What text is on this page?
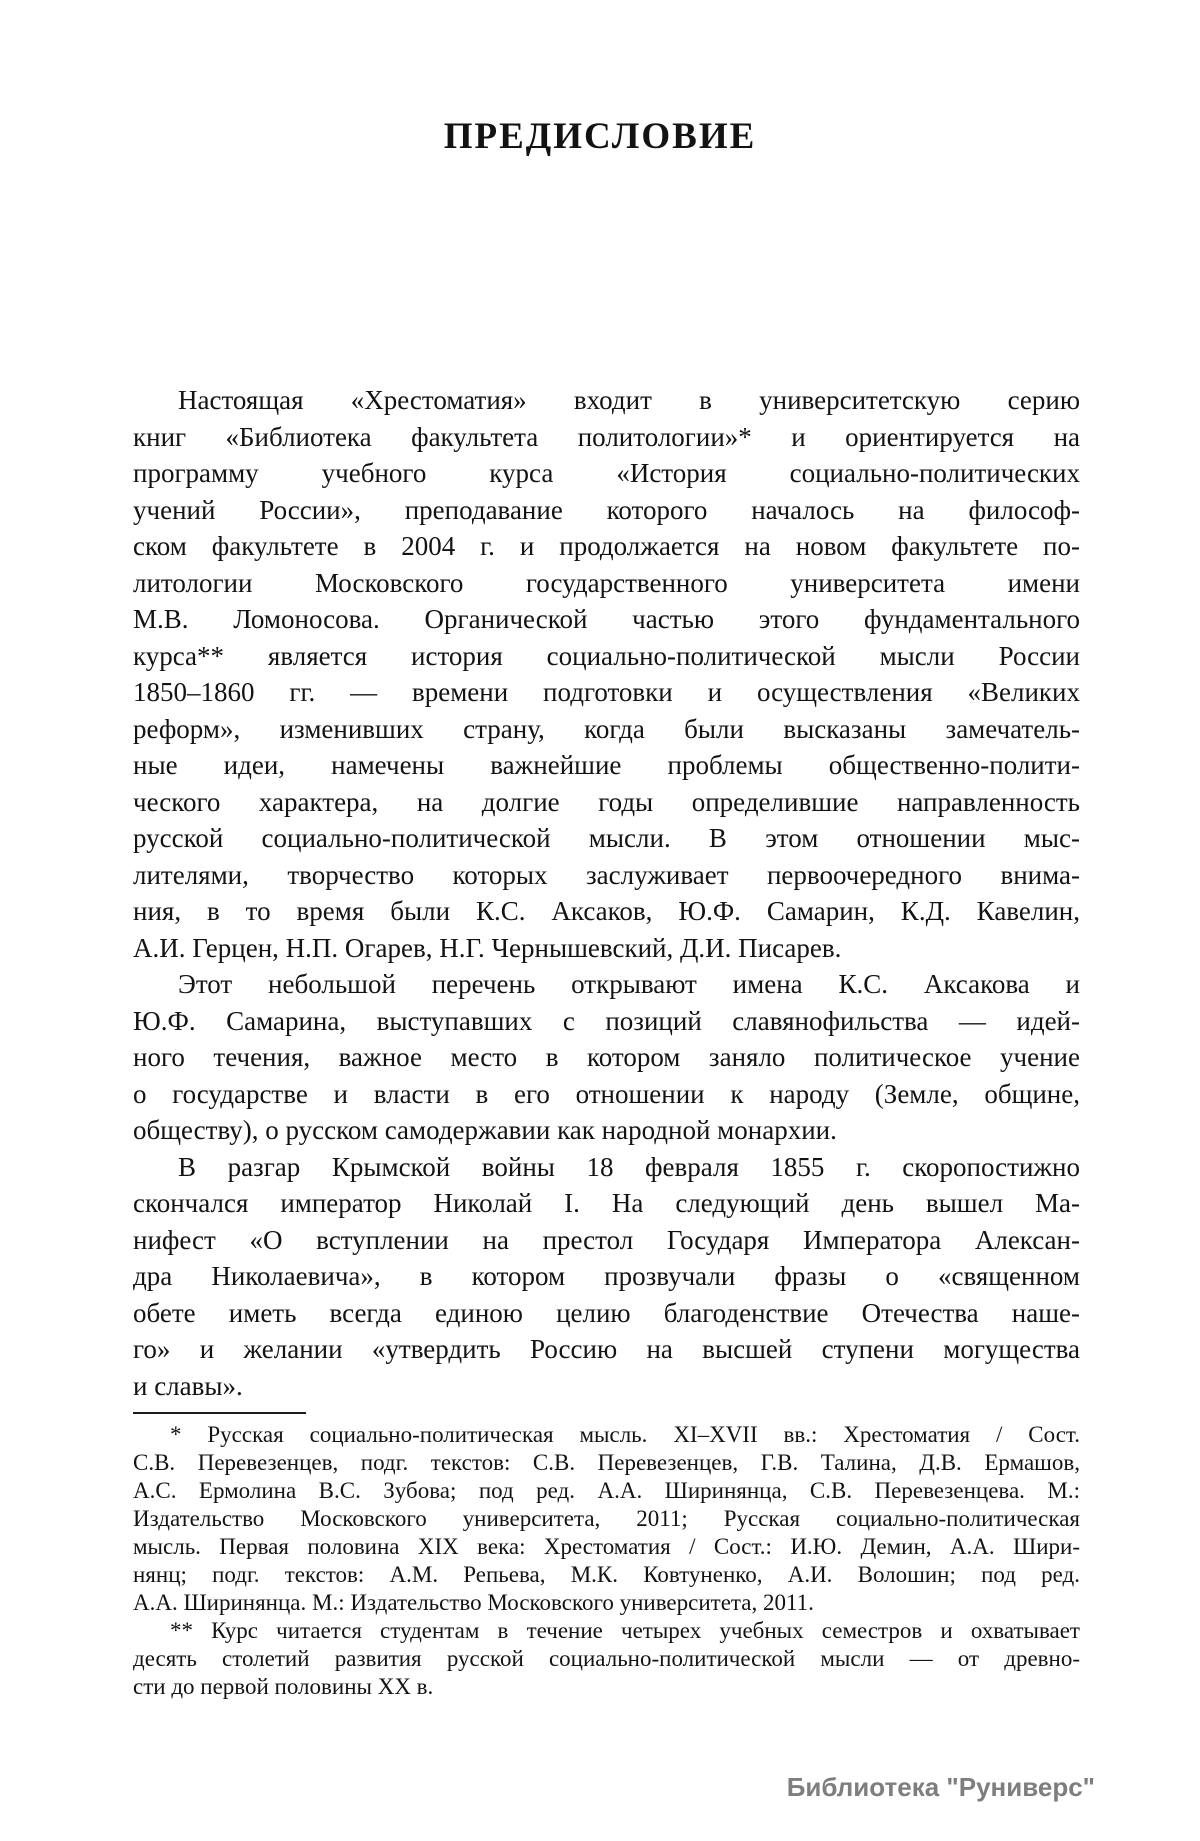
ПРЕДИСЛОВИЕ
Настоящая «Хрестоматия» входит в университетскую серию
книг «Библиотека факультета политологии»* и ориентируется на
программу учебного курса «История социально-политических
учений России», преподавание которого началось на философ-
ском факультете в 2004 г. и продолжается на новом факультете по-
литологии Московского государственного университета имени
М.В. Ломоносова. Органической частью этого фундаментального
курса** является история социально-политической мысли России
1850–1860 гг. — времени подготовки и осуществления «Великих
реформ», изменивших страну, когда были высказаны замечатель-
ные идеи, намечены важнейшие проблемы общественно-полити-
ческого характера, на долгие годы определившие направленность
русской социально-политической мысли. В этом отношении мыс-
лителями, творчество которых заслуживает первоочередного внима-
ния, в то время были К.С. Аксаков, Ю.Ф. Самарин, К.Д. Кавелин,
А.И. Герцен, Н.П. Огарев, Н.Г. Чернышевский, Д.И. Писарев.
Этот небольшой перечень открывают имена К.С. Аксакова и
Ю.Ф. Самарина, выступавших с позиций славянофильства — идей-
ного течения, важное место в котором заняло политическое учение
о государстве и власти в его отношении к народу (Земле, общине,
обществу), о русском самодержавии как народной монархии.
В разгар Крымской войны 18 февраля 1855 г. скоропостижно
скончался император Николай I. На следующий день вышел Ма-
нифест «О вступлении на престол Государя Императора Алексан-
дра Николаевича», в котором прозвучали фразы о «священном
обете иметь всегда единою целию благоденствие Отечества наше-
го» и желании «утвердить Россию на высшей ступени могущества
и славы».
* Русская социально-политическая мысль. XI–XVII вв.: Хрестоматия / Сост.
С.В. Перевезенцев, подг. текстов: С.В. Перевезенцев, Г.В. Талина, Д.В. Ермашов,
А.С. Ермолина В.С. Зубова; под ред. А.А. Ширинянца, С.В. Перевезенцева. М.:
Издательство Московского университета, 2011; Русская социально-политическая
мысль. Первая половина XIX века: Хрестоматия / Сост.: И.Ю. Демин, А.А. Шири-
нянц; подг. текстов: А.М. Репьева, М.К. Ковтуненко, А.И. Волошин; под ред.
А.А. Ширинянца. М.: Издательство Московского университета, 2011.
** Курс читается студентам в течение четырех учебных семестров и охватывает
десять столетий развития русской социально-политической мысли — от древно-
сти до первой половины XX в.
Библиотека "Руниверс"
